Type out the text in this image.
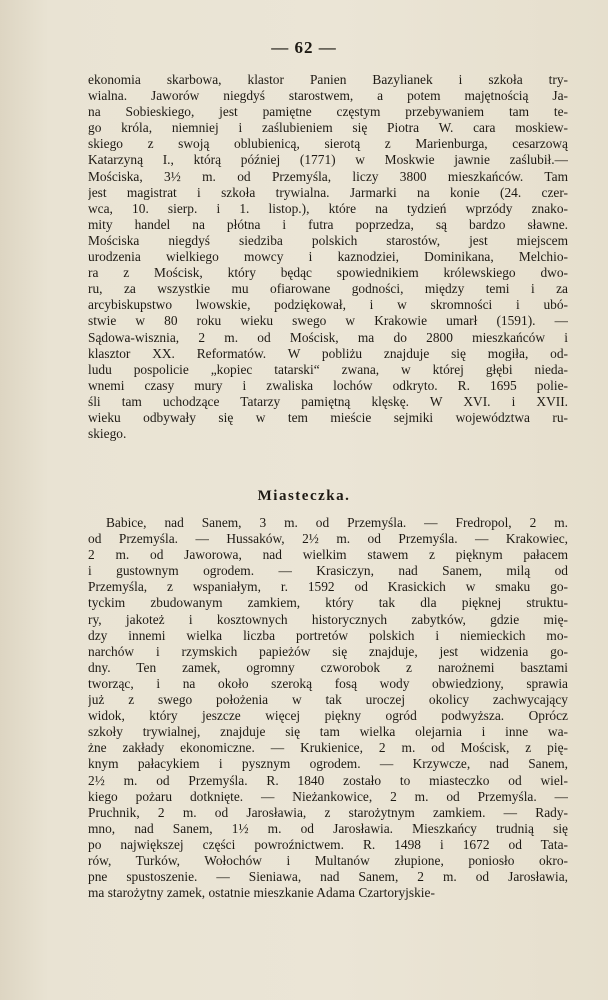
— 62 —
ekonomia skarbowa, klastor Panien Bazylianek i szkoła try-
wialna. Jaworów niegdyś starostwem, a potem majętnością Ja-
na Sobieskiego, jest pamiętne częstym przebywaniem tam te-
go króla, niemniej i zaślubieniem się Piotra W. cara moskiew-
skiego z swoją oblubienicą, sierotą z Marienburga, cesarzową
Katarzyną I., którą później (1771) w Moskwie jawnie zaślubił.—
Mościska, 3½ m. od Przemyśla, liczy 3800 mieszkańców. Tam
jest magistrat i szkoła trywialna. Jarmarki na konie (24. czer-
wca, 10. sierp. i 1. listop.), które na tydzień wprzódy znako-
mity handel na płótna i futra poprzedza, są bardzo sławne.
Mościska niegdyś siedziba polskich starostów, jest miejscem
urodzenia wielkiego mowcy i kaznodziei, Dominikana, Melchio-
ra z Mościsk, który będąc spowiednikiem królewskiego dwo-
ru, za wszystkie mu ofiarowane godności, między temi i za
arcybiskupstwo lwowskie, podziękował, i w skromności i ubó-
stwie w 80 roku wieku swego w Krakowie umarł (1591). —
Sądowa-wisznia, 2 m. od Mościsk, ma do 2800 mieszkańców i
klasztor XX. Reformatów. W pobliżu znajduje się mogiła, od-
ludu pospolicie „kopiec tatarski“ zwana, w której głębi nieda-
wnemi czasy mury i zwaliska lochów odkryto. R. 1695 polie-
śli tam uchodzące Tatarzy pamiętną klęskę. W XVI. i XVII.
wieku odbywały się w tem mieście sejmiki województwa ru-
skiego.
Miasteczka.
Babice, nad Sanem, 3 m. od Przemyśla. — Fredropol, 2 m.
od Przemyśla. — Hussaków, 2½ m. od Przemyśla. — Krakowiec,
2 m. od Jaworowa, nad wielkim stawem z pięknym pałacem
i gustownym ogrodem. — Krasiczyn, nad Sanem, milą od
Przemyśla, z wspaniałym, r. 1592 od Krasickich w smaku go-
tyckim zbudowanym zamkiem, który tak dla pięknej struktu-
ry, jakoteż i kosztownych historycznych zabytków, gdzie mię-
dzy innemi wielka liczba portretów polskich i niemieckich mo-
narchów i rzymskich papieżów się znajduje, jest widzenia go-
dny. Ten zamek, ogromny czworobok z narożnemi basztami
tworząc, i na około szeroką fosą wody obwiedziony, sprawia
już z swego położenia w tak uroczej okolicy zachwycający
widok, który jeszcze więcej piękny ogród podwyższa. Oprócz
szkoły trywialnej, znajduje się tam wielka olejarnia i inne wa-
żne zakłady ekonomiczne. — Krukienice, 2 m. od Mościsk, z pię-
knym pałacykiem i pysznym ogrodem. — Krzywcze, nad Sanem,
2½ m. od Przemyśla. R. 1840 zostało to miasteczko od wiel-
kiego pożaru dotknięte. — Nieżankowice, 2 m. od Przemyśla. —
Pruchnik, 2 m. od Jarosławia, z starożytnym zamkiem. — Rady-
mno, nad Sanem, 1½ m. od Jarosławia. Mieszkańcy trudnią się
po największej części powroźnictwem. R. 1498 i 1672 od Tata-
rów, Turków, Wołochów i Multanów złupione, poniosło okro-
pne spustoszenie. — Sieniawa, nad Sanem, 2 m. od Jarosławia,
ma starożytny zamek, ostatnie mieszkanie Adama Czartoryjskie-
